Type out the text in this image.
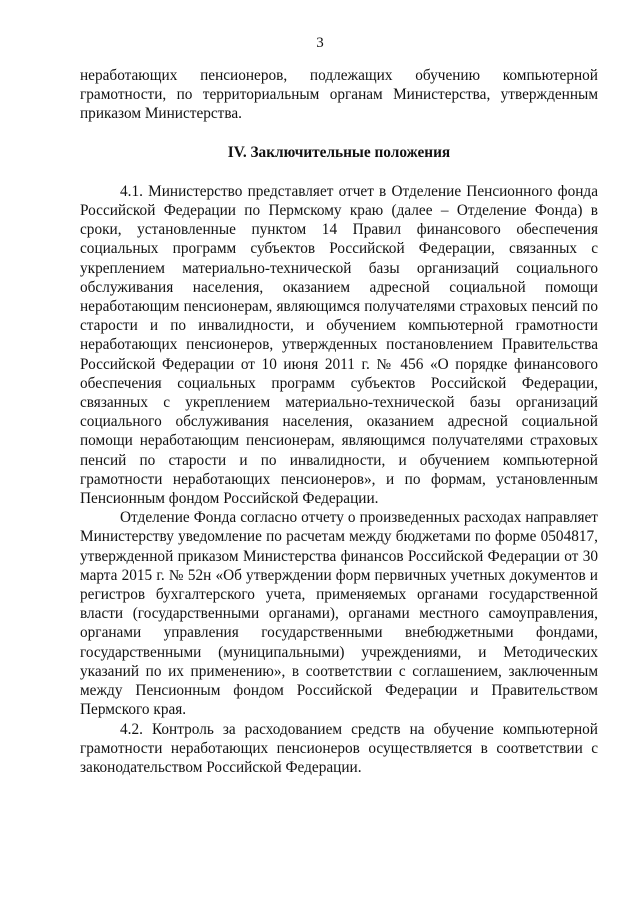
3

неработающих пенсионеров, подлежащих обучению компьютерной грамотности, по территориальным органам Министерства, утвержденным приказом Министерства.

IV. Заключительные положения

4.1. Министерство представляет отчет в Отделение Пенсионного фонда Российской Федерации по Пермскому краю (далее – Отделение Фонда) в сроки, установленные пунктом 14 Правил финансового обеспечения социальных программ субъектов Российской Федерации, связанных с укреплением материально-технической базы организаций социального обслуживания населения, оказанием адресной социальной помощи неработающим пенсионерам, являющимся получателями страховых пенсий по старости и по инвалидности, и обучением компьютерной грамотности неработающих пенсионеров, утвержденных постановлением Правительства Российской Федерации от 10 июня 2011 г. № 456 «О порядке финансового обеспечения социальных программ субъектов Российской Федерации, связанных с укреплением материально-технической базы организаций социального обслуживания населения, оказанием адресной социальной помощи неработающим пенсионерам, являющимся получателями страховых пенсий по старости и по инвалидности, и обучением компьютерной грамотности неработающих пенсионеров», и по формам, установленным Пенсионным фондом Российской Федерации.

Отделение Фонда согласно отчету о произведенных расходах направляет Министерству уведомление по расчетам между бюджетами по форме 0504817, утвержденной приказом Министерства финансов Российской Федерации от 30 марта 2015 г. № 52н «Об утверждении форм первичных учетных документов и регистров бухгалтерского учета, применяемых органами государственной власти (государственными органами), органами местного самоуправления, органами управления государственными внебюджетными фондами, государственными (муниципальными) учреждениями, и Методических указаний по их применению», в соответствии с соглашением, заключенным между Пенсионным фондом Российской Федерации и Правительством Пермского края.

4.2. Контроль за расходованием средств на обучение компьютерной грамотности неработающих пенсионеров осуществляется в соответствии с законодательством Российской Федерации.
